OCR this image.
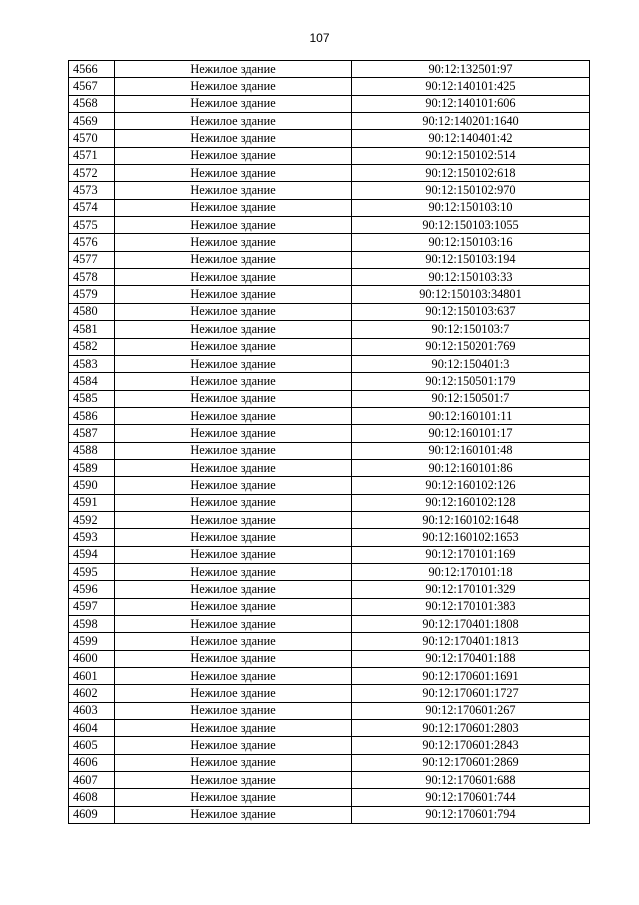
107
4566	Нежилое здание	90:12:132501:97
4567	Нежилое здание	90:12:140101:425
4568	Нежилое здание	90:12:140101:606
4569	Нежилое здание	90:12:140201:1640
4570	Нежилое здание	90:12:140401:42
4571	Нежилое здание	90:12:150102:514
4572	Нежилое здание	90:12:150102:618
4573	Нежилое здание	90:12:150102:970
4574	Нежилое здание	90:12:150103:10
4575	Нежилое здание	90:12:150103:1055
4576	Нежилое здание	90:12:150103:16
4577	Нежилое здание	90:12:150103:194
4578	Нежилое здание	90:12:150103:33
4579	Нежилое здание	90:12:150103:34801
4580	Нежилое здание	90:12:150103:637
4581	Нежилое здание	90:12:150103:7
4582	Нежилое здание	90:12:150201:769
4583	Нежилое здание	90:12:150401:3
4584	Нежилое здание	90:12:150501:179
4585	Нежилое здание	90:12:150501:7
4586	Нежилое здание	90:12:160101:11
4587	Нежилое здание	90:12:160101:17
4588	Нежилое здание	90:12:160101:48
4589	Нежилое здание	90:12:160101:86
4590	Нежилое здание	90:12:160102:126
4591	Нежилое здание	90:12:160102:128
4592	Нежилое здание	90:12:160102:1648
4593	Нежилое здание	90:12:160102:1653
4594	Нежилое здание	90:12:170101:169
4595	Нежилое здание	90:12:170101:18
4596	Нежилое здание	90:12:170101:329
4597	Нежилое здание	90:12:170101:383
4598	Нежилое здание	90:12:170401:1808
4599	Нежилое здание	90:12:170401:1813
4600	Нежилое здание	90:12:170401:188
4601	Нежилое здание	90:12:170601:1691
4602	Нежилое здание	90:12:170601:1727
4603	Нежилое здание	90:12:170601:267
4604	Нежилое здание	90:12:170601:2803
4605	Нежилое здание	90:12:170601:2843
4606	Нежилое здание	90:12:170601:2869
4607	Нежилое здание	90:12:170601:688
4608	Нежилое здание	90:12:170601:744
4609	Нежилое здание	90:12:170601:794
